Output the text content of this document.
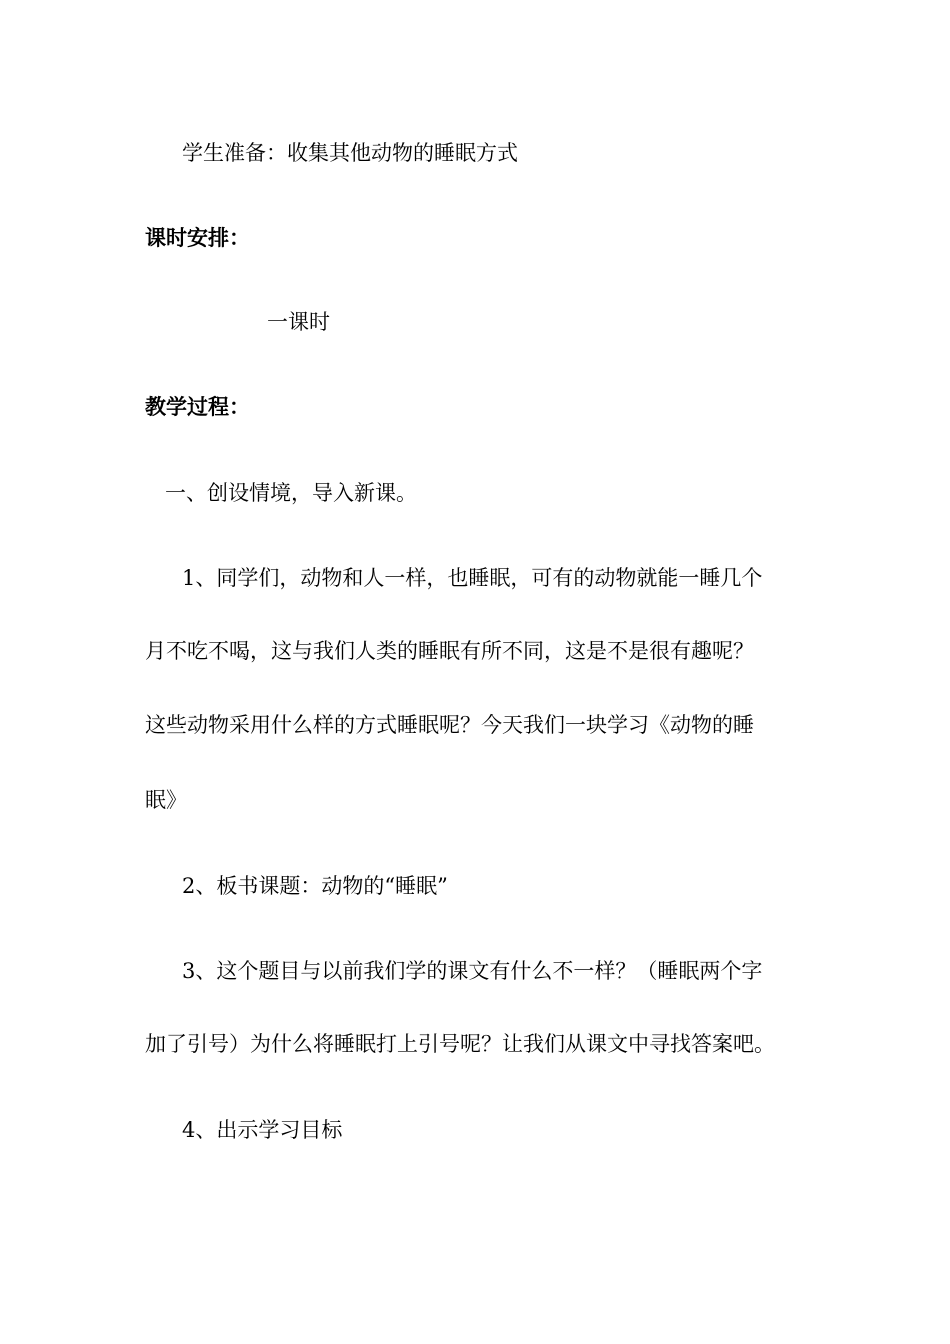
学生准备：收集其他动物的睡眠方式
课时安排：
一课时
教学过程：
一、创设情境，导入新课。
1、同学们，动物和人一样，也睡眠，可有的动物就能一睡几个
月不吃不喝，这与我们人类的睡眠有所不同，这是不是很有趣呢？
这些动物采用什么样的方式睡眠呢？今天我们一块学习《动物的睡
眠》
2、板书课题：动物的“睡眠”
3、这个题目与以前我们学的课文有什么不一样？（睡眠两个字
加了引号）为什么将睡眠打上引号呢？让我们从课文中寻找答案吧。
4、出示学习目标
